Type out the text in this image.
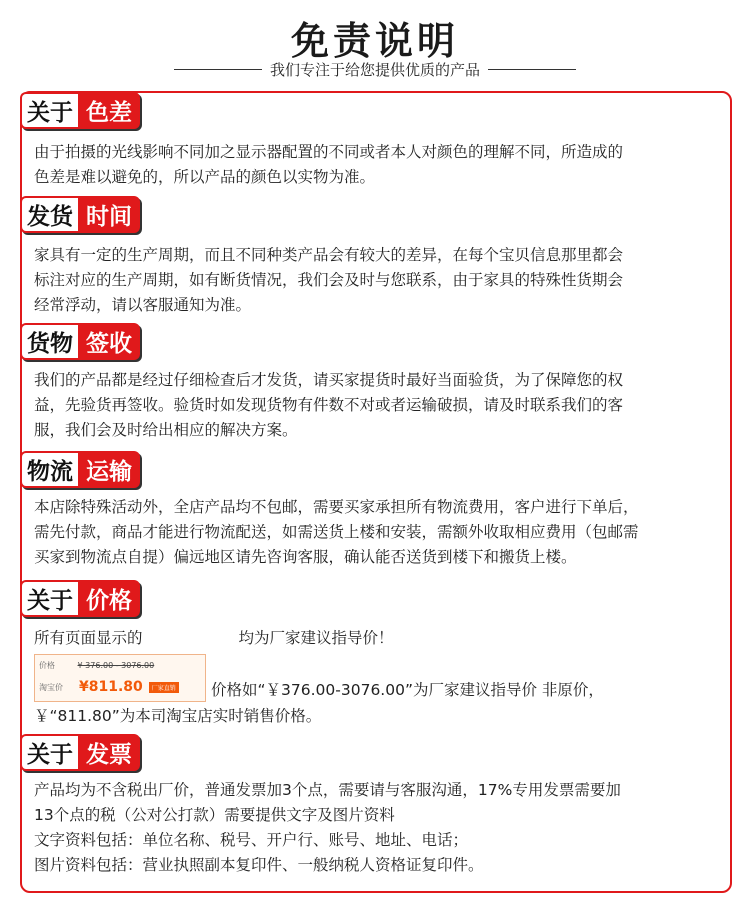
免责说明
我们专注于给您提供优质的产品
关于 色差

由于拍摄的光线影响不同加之显示器配置的不同或者本人对颜色的理解不同，所造成的

色差是难以避免的，所以产品的颜色以实物为准。

发货 时间

家具有一定的生产周期，而且不同种类产品会有较大的差异，在每个宝贝信息那里都会

标注对应的生产周期，如有断货情况，我们会及时与您联系，由于家具的特殊性货期会

经常浮动，请以客服通知为准。

货物 签收

我们的产品都是经过仔细检查后才发货，请买家提货时最好当面验货，为了保障您的权

益，先验货再签收。验货时如发现货物有件数不对或者运输破损，请及时联系我们的客

服，我们会及时给出相应的解决方案。

物流 运输

本店除特殊活动外，全店产品均不包邮，需要买家承担所有物流费用，客户进行下单后，

需先付款，商品才能进行物流配送，如需送货上楼和安装，需额外收取相应费用（包邮需

买家到物流点自提）偏远地区请先咨询客服，确认能否送货到楼下和搬货上楼。

关于 价格
所有页面显示的	均为厂家建议指导价！
价格	¥ 376.00 - 3076.00
淘宝价	¥811.80	厂家直销 价格如“￥376.00-3076.00”为厂家建议指导价 非原价，
￥“811.80”为本司淘宝店实时销售价格。
关于 发票

产品均为不含税出厂价，普通发票加3个点，需要请与客服沟通，17%专用发票需要加

13个点的税（公对公打款）需要提供文字及图片资料

文字资料包括：单位名称、税号、开户行、账号、地址、电话；

图片资料包括：营业执照副本复印件、一般纳税人资格证复印件。
